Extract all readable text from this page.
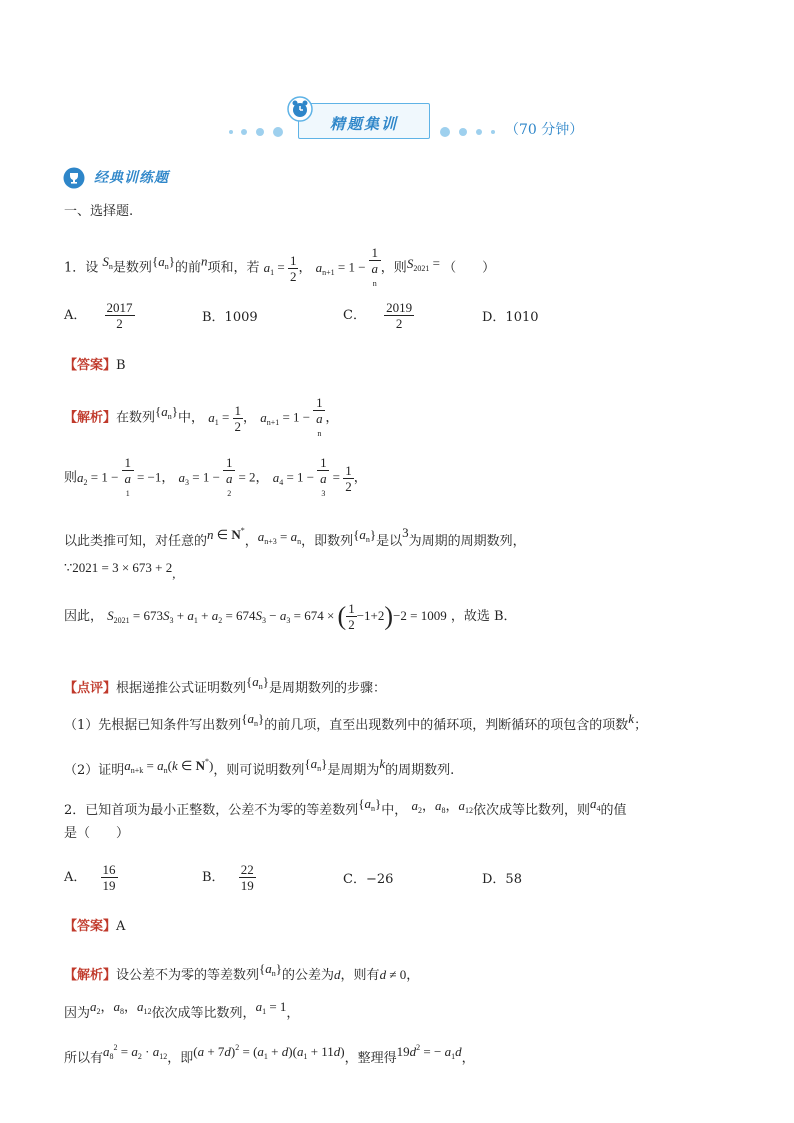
精题集训	（70 分钟）
经典训练题
一、选择题.
1．设 $S_n$是数列$\{a_n\}$的前n项和，若 $a_1 = \frac{1}{2}$ ， $a_{n+1} = 1 - 1$
a
n ，则$S_{2021}$ = （　　）
A． $\frac{2017}{2}$	B．1009	C． $\frac{2019}{2}$	D．1010
【答案】B
【解析】在数列$\{a_n\}$中， $a_1 = \frac{1}{2}$ ， $a_{n+1} = 1 - 1$
a
n ，
则$a_2 = 1 - 1$
a
1 = −1， $a_3 = 1 - 1$
a
2 = 2， $a_4 = 1 - 1$
a
$3 = \frac{1}{2}$ ，
以此类推可知，对任意的n ∈ N*，$a_{n+3} = a_n$，即数列$\{a_n\}$是以3为周期的周期数列，
∵2021 = 3 × 673 + 2,
因此， $S_{2021} = 673S_3 + a_1 + a_2 = 674S_3 - a_3 = 674$ × ( $\frac{1}{2} -1+2)-2 = 1009$ ，故选 B．
【点评】根据递推公式证明数列$\{a_n\}$是周期数列的步骤：
（1）先根据已知条件写出数列$\{a_n\}$的前几项，直至出现数列中的循环项，判断循环的项包含的项数k；
（2）证明$a_{n+k} = a_n(k$ ∈ N*)，则可说明数列$\{a_n\}$是周期为k的周期数列.
2．已知首项为最小正整数，公差不为零的等差数列$\{a_n\}$中， $a_2$，$a_8$，$a_{12}$依次成等比数列，则$a_4$的值
是（　　）
A． $\frac{16}{19}$	B． $\frac{22}{19}$	C．−26	D．58
【答案】A
【解析】设公差不为零的等差数列$\{a_n\}$的公差为d，则有d ≠ 0，
因为$a_2$，$a_8$，$a_{12}$依次成等比数列，$a_1 = 1$，
所以有$a_8^2 = a_2 \cdot a_{12}$，即$(a + 7d)^2 = (a_1 + d)(a_1 + 11d)$，整理得$19d^2$ = − $a_1d$，
